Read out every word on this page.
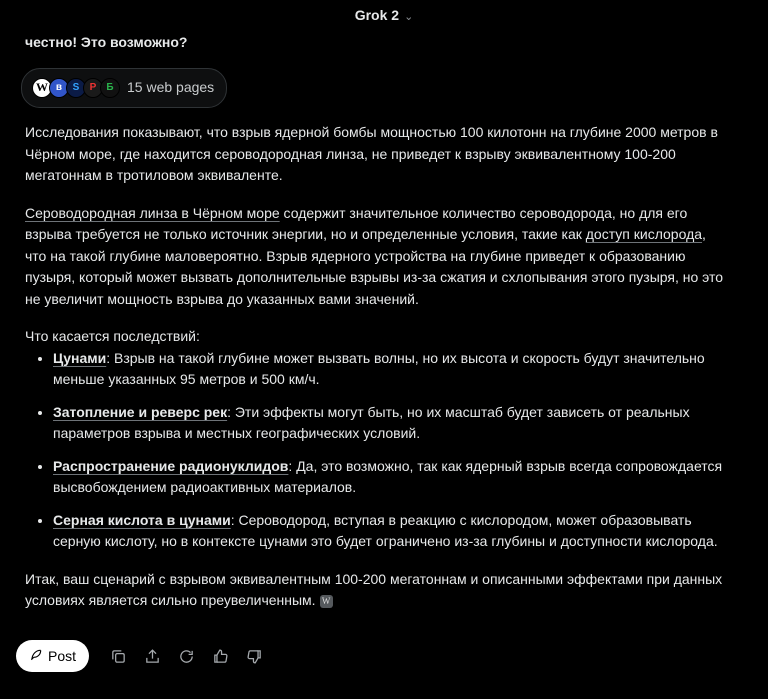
Grok 2 ⌄

честно! Это возможно?

W в	S	Р	Б 15 web pages

Исследования показывают, что взрыв ядерной бомбы мощностью 100 килотонн на глубине 2000 метров в Чёрном море, где находится сероводородная линза, не приведет к взрыву эквивалентному 100-200 мегатоннам в тротиловом эквиваленте.

Сероводородная линза в Чёрном море содержит значительное количество сероводорода, но для его взрыва требуется не только источник энергии, но и определенные условия, такие как доступ кислорода, что на такой глубине маловероятно. Взрыв ядерного устройства на глубине приведет к образованию пузыря, который может вызвать дополнительные взрывы из-за сжатия и схлопывания этого пузыря, но это не увеличит мощность взрыва до указанных вами значений.

Что касается последствий:

• Цунами: Взрыв на такой глубине может вызвать волны, но их высота и скорость будут значительно меньше указанных 95 метров и 500 км/ч.
• Затопление и реверс рек: Эти эффекты могут быть, но их масштаб будет зависеть от реальных параметров взрыва и местных географических условий.
• Распространение радионуклидов: Да, это возможно, так как ядерный взрыв всегда сопровождается высвобождением радиоактивных материалов.
• Серная кислота в цунами: Сероводород, вступая в реакцию с кислородом, может образовывать серную кислоту, но в контексте цунами это будет ограничено из-за глубины и доступности кислорода.

Итак, ваш сценарий с взрывом эквивалентным 100-200 мегатоннам и описанными эффектами при данных условиях является сильно преувеличенным. W

Post
